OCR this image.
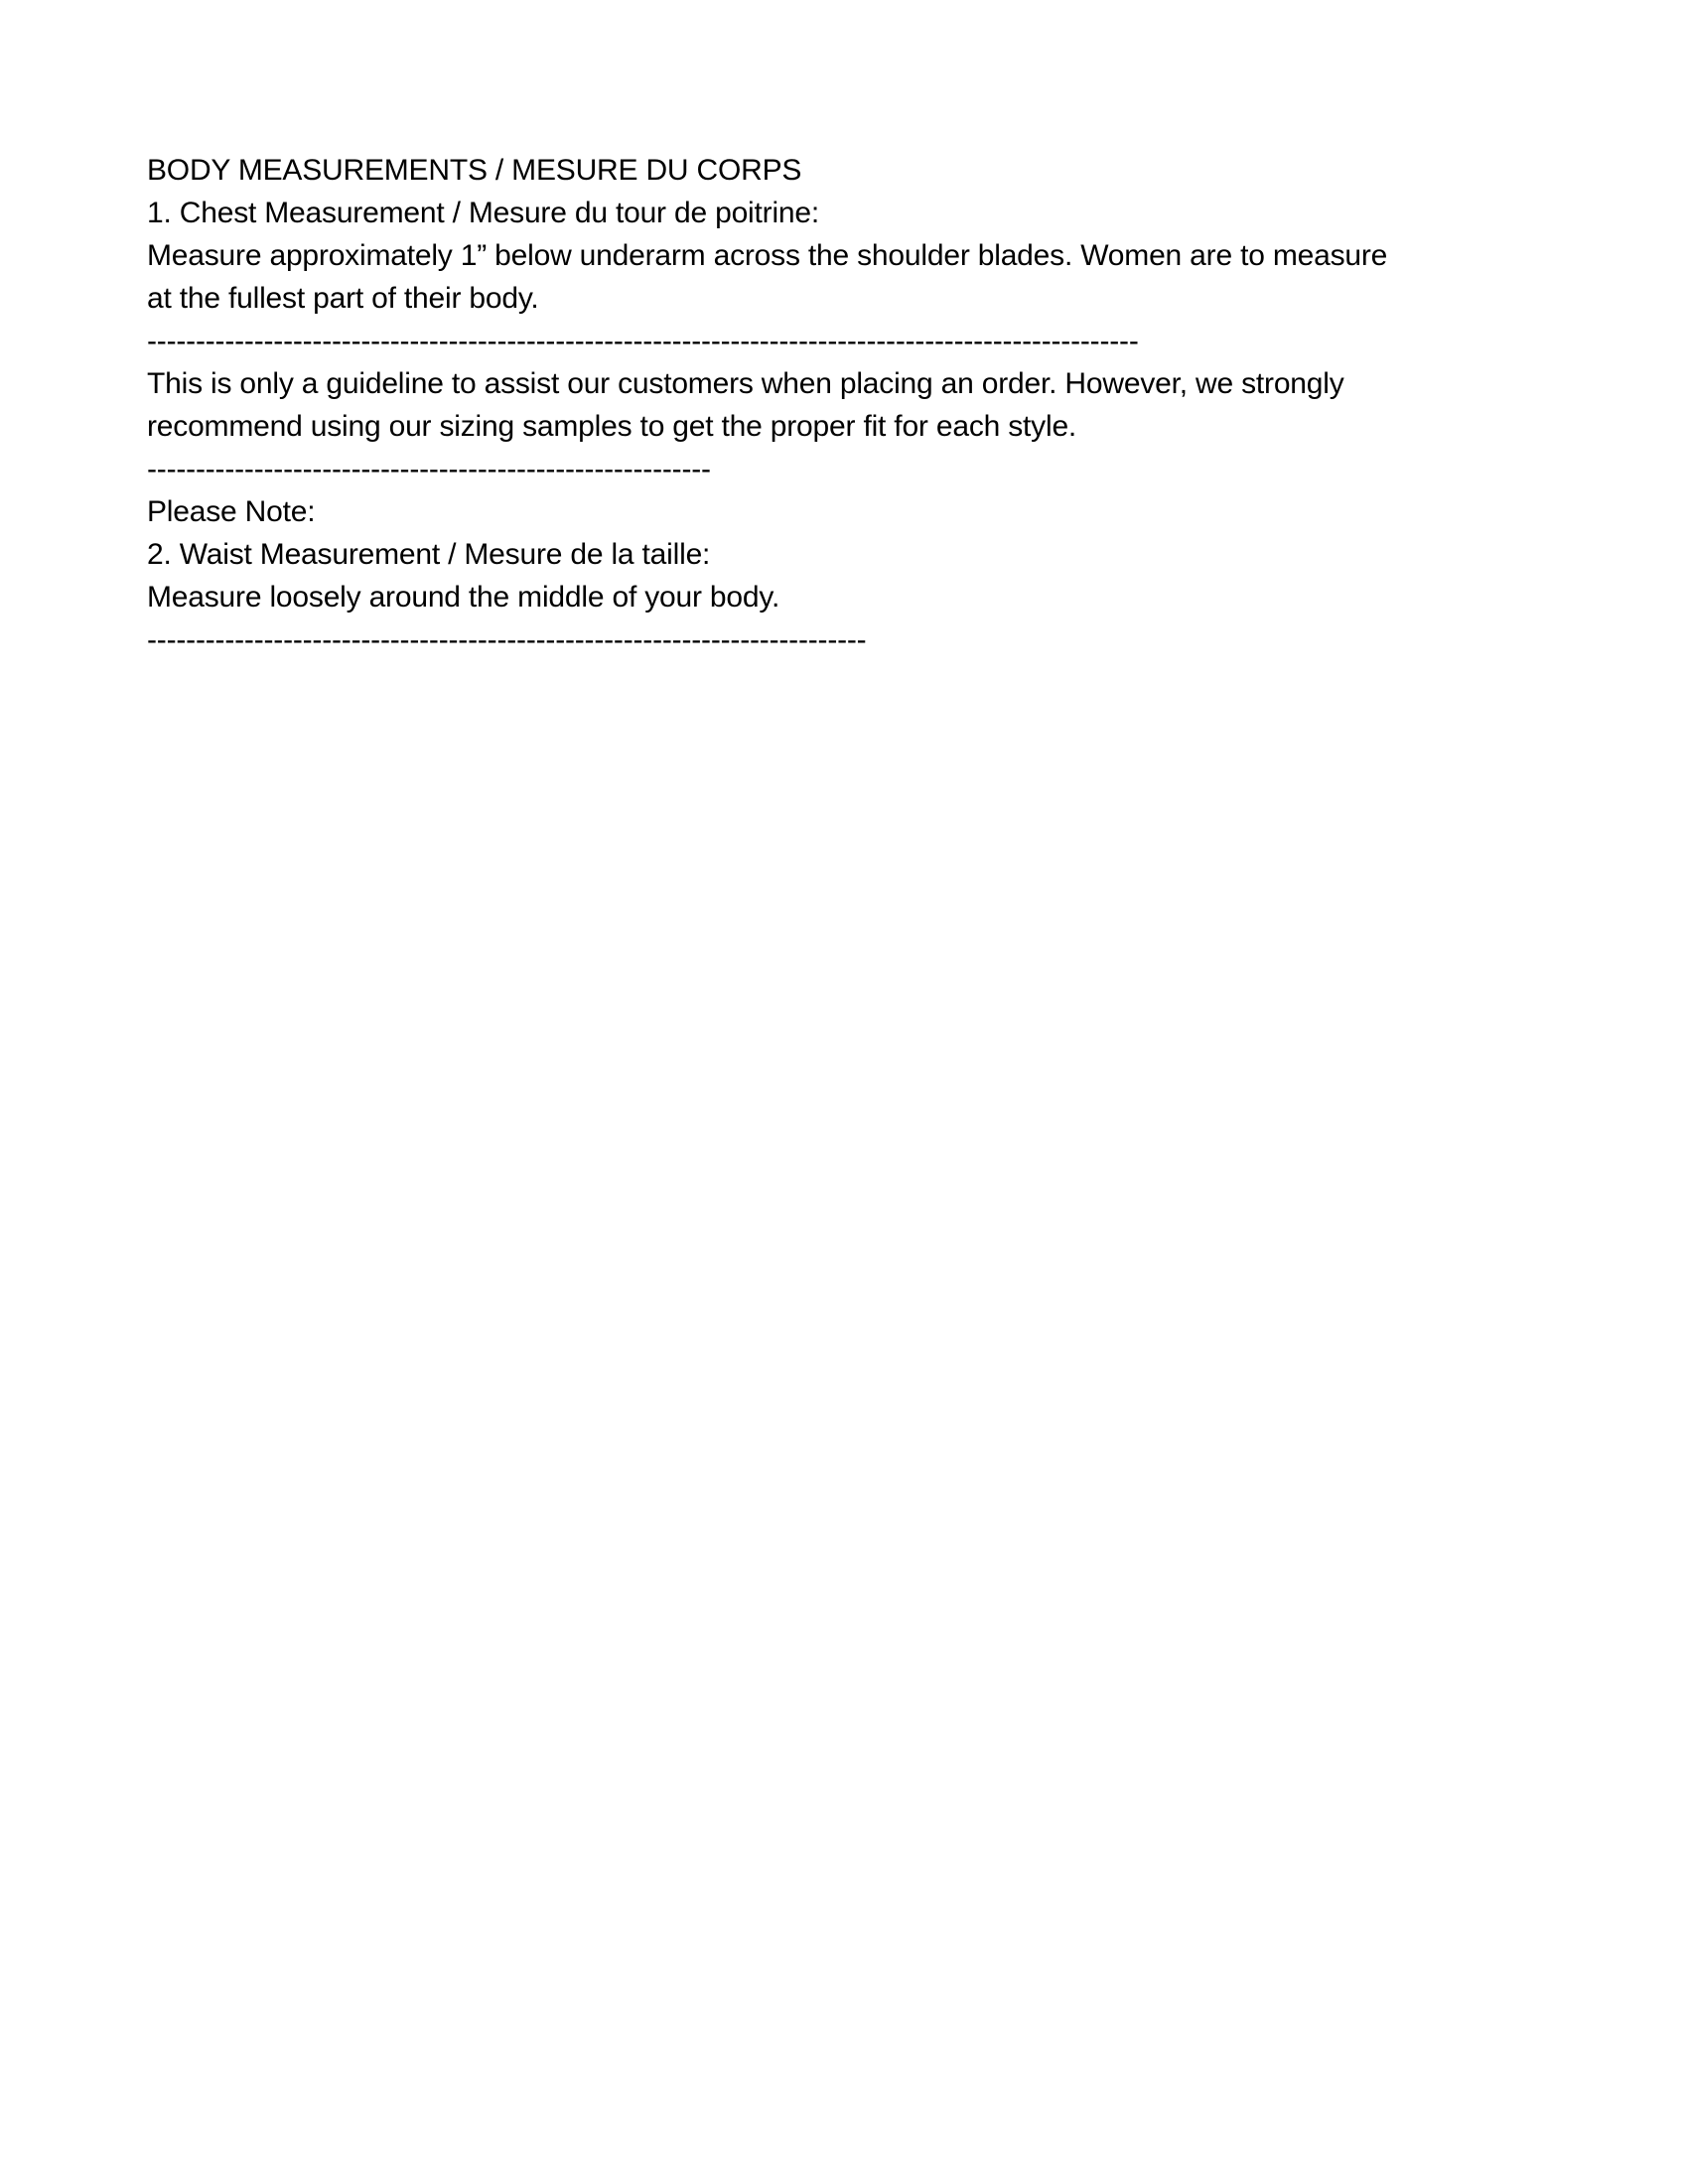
BODY MEASUREMENTS / MESURE DU CORPS
1. Chest Measurement / Mesure du tour de poitrine:
Measure approximately 1” below underarm across the shoulder blades. Women are to measure
at the fullest part of their body.
------------------------------------------------------------------------------------------------------
This is only a guideline to assist our customers when placing an order. However, we strongly
recommend using our sizing samples to get the proper fit for each style.
----------------------------------------------------------
Please Note:
2. Waist Measurement / Mesure de la taille:
Measure loosely around the middle of your body.
--------------------------------------------------------------------------
